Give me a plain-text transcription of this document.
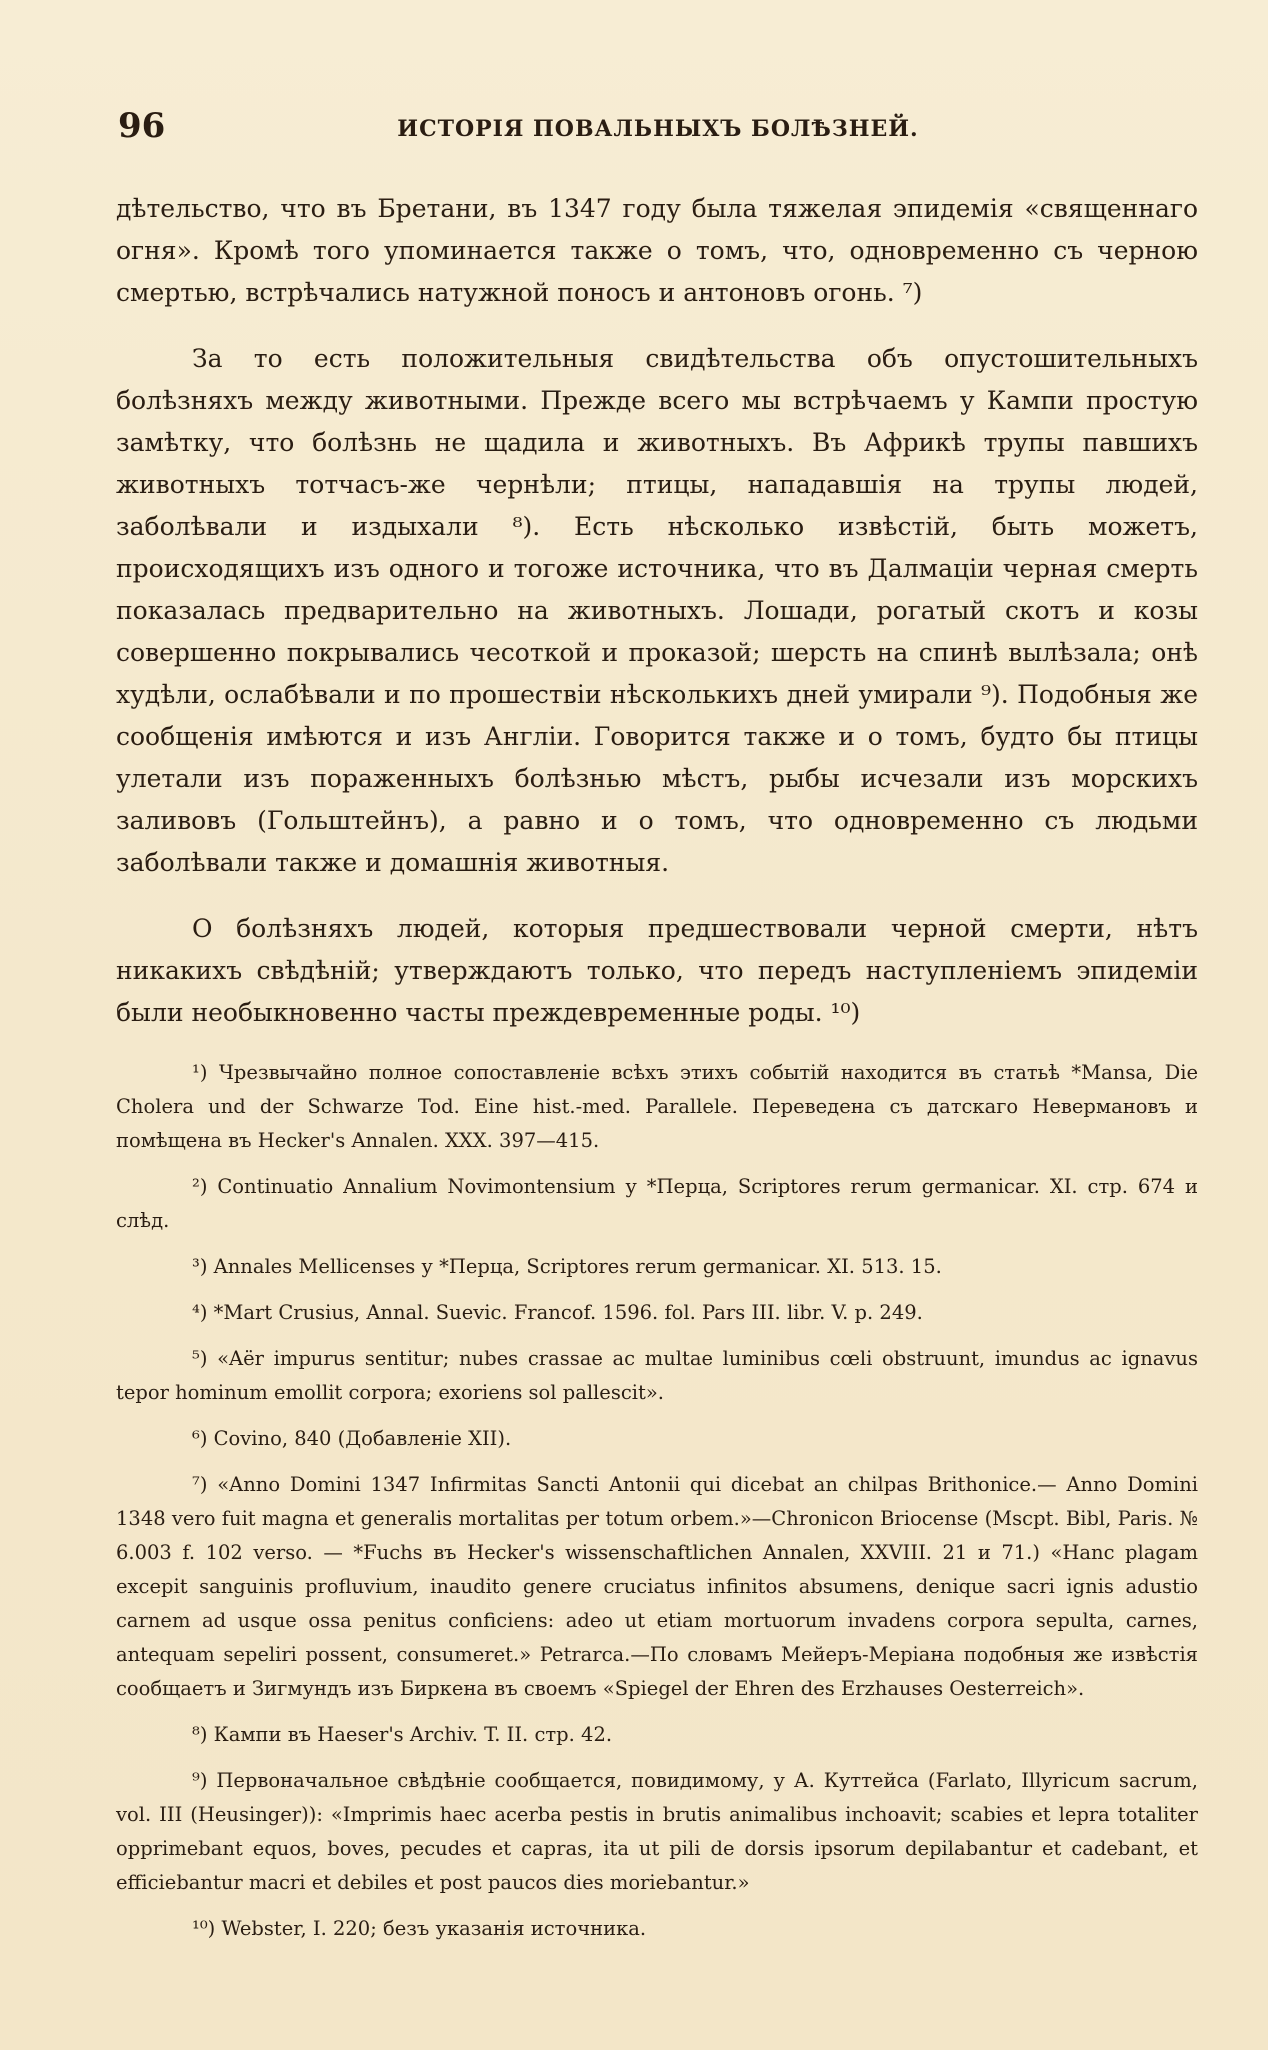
96	ИСТОРІЯ ПОВАЛЬНЫХЪ БОЛѢЗНЕЙ.

дѣтельство, что въ Бретани, въ 1347 году была тяжелая эпидемія «священнаго огня». Кромѣ того упоминается также о томъ, что, одновременно съ черною смертью, встрѣчались натужной поносъ и антоновъ огонь. ⁷)

За то есть положительныя свидѣтельства объ опустошительныхъ болѣзняхъ между животными. Прежде всего мы встрѣчаемъ у Кампи простую замѣтку, что болѣзнь не щадила и животныхъ. Въ Африкѣ трупы павшихъ животныхъ тотчасъ-же чернѣли; птицы, нападавшія на трупы людей, заболѣвали и издыхали ⁸). Есть нѣсколько извѣстій, быть можетъ, происходящихъ изъ одного и тогоже источника, что въ Далмаціи черная смерть показалась предварительно на животныхъ. Лошади, рогатый скотъ и козы совершенно покрывались чесоткой и проказой; шерсть на спинѣ вылѣзала; онѣ худѣли, ослабѣвали и по прошествіи нѣсколькихъ дней умирали ⁹). Подобныя же сообщенія имѣются и изъ Англіи. Говорится также и о томъ, будто бы птицы улетали изъ пораженныхъ болѣзнью мѣстъ, рыбы исчезали изъ морскихъ заливовъ (Гольштейнъ), а равно и о томъ, что одновременно съ людьми заболѣвали также и домашнія животныя.

О болѣзняхъ людей, которыя предшествовали черной смерти, нѣтъ никакихъ свѣдѣній; утверждаютъ только, что передъ наступленіемъ эпидеміи были необыкновенно часты преждевременные роды. ¹⁰)

¹) Чрезвычайно полное сопоставленіе всѣхъ этихъ событій находится въ статьѣ *Mansa, Die Cholera und der Schwarze Tod. Eine hist.-med. Parallele. Переведена съ датскаго Невермановъ и помѣщена въ Hecker's Annalen. XXX. 397—415.

²) Continuatio Annalium Novimontensium у *Перца, Scriptores rerum germanicar. XI. стр. 674 и слѣд.

³) Annales Mellicenses у *Перца, Scriptores rerum germanicar. XI. 513. 15.

⁴) *Mart Crusius, Annal. Suevic. Francof. 1596. fol. Pars III. libr. V. p. 249.

⁵) «Aër impurus sentitur; nubes crassae ac multae luminibus cœli obstruunt, imundus ac ignavus tepor hominum emollit corpora; exoriens sol pallescit».

⁶) Covino, 840 (Добавленіе XII).

⁷) «Anno Domini 1347 Infirmitas Sancti Antonii qui dicebat an chilpas Brithonice.— Anno Domini 1348 vero fuit magna et generalis mortalitas per totum orbem.»—Chronicon Briocense (Mscpt. Bibl, Paris. № 6.003 f. 102 verso. — *Fuchs въ Hecker's wissenschaftlichen Annalen, XXVIII. 21 и 71.) «Hanc plagam excepit sanguinis profluvium, inaudito genere cruciatus infinitos absumens, denique sacri ignis adustio carnem ad usque ossa penitus conficiens: adeo ut etiam mortuorum invadens corpora sepulta, carnes, antequam sepeliri possent, consumeret.» Petrarca.—По словамъ Мейеръ-Меріана подобныя же извѣстія сообщаетъ и Зигмундъ изъ Биркена въ своемъ «Spiegel der Ehren des Erzhauses Oesterreich».

⁸) Кампи въ Haeser's Archiv. T. II. стр. 42.

⁹) Первоначальное свѣдѣніе сообщается, повидимому, у А. Куттейса (Farlato, Illyricum sacrum, vol. III (Heusinger)): «Imprimis haec acerba pestis in brutis animalibus inchoavit; scabies et lepra totaliter opprimebant equos, boves, pecudes et capras, ita ut pili de dorsis ipsorum depilabantur et cadebant, et efficiebantur macri et debiles et post paucos dies moriebantur.»

¹⁰) Webster, I. 220; безъ указанія источника.
